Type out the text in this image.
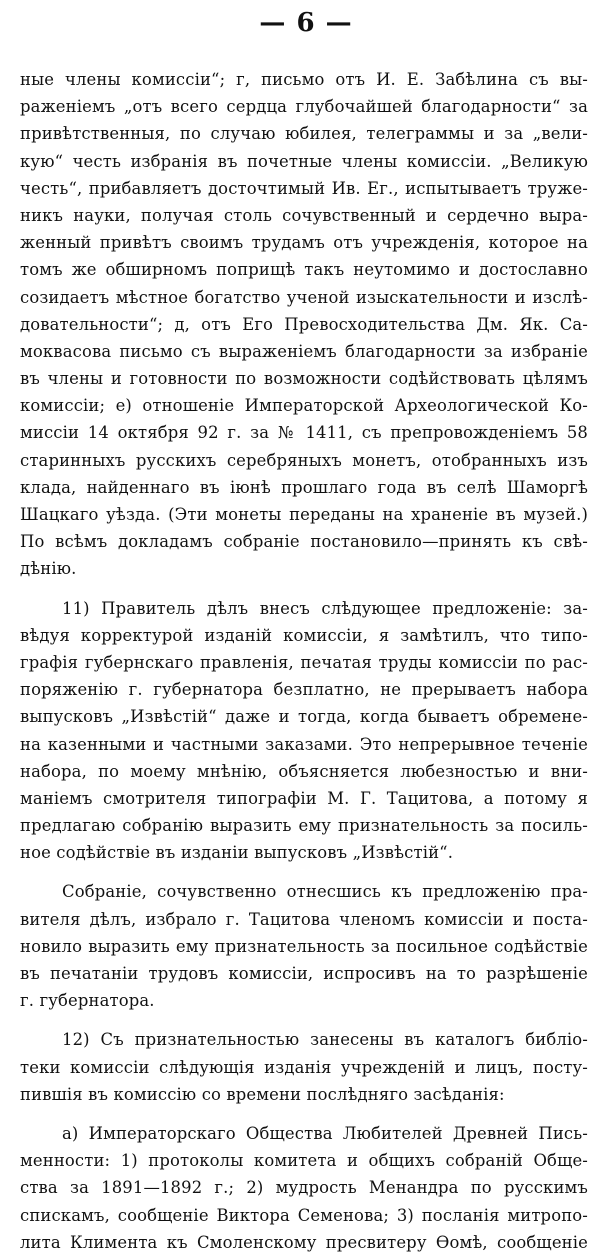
— 6 —
ные члены комиссіи“; г, письмо отъ И. Е. Забѣлина съ вы-
раженіемъ „отъ всего сердца глубочайшей благодарности“ за
привѣтственныя, по случаю юбилея, телеграммы и за „вели-
кую“ честь избранія въ почетные члены комиссіи. „Великую
честь“, прибавляетъ досточтимый Ив. Ег., испытываетъ труже-
никъ науки, получая столь сочувственный и сердечно выра-
женный привѣтъ своимъ трудамъ отъ учрежденія, которое на
томъ же обширномъ поприщѣ такъ неутомимо и достославно
созидаетъ мѣстное богатство ученой изыскательности и изслѣ-
довательности“; д, отъ Его Превосходительства Дм. Як. Са-
моквасова письмо съ выраженіемъ благодарности за избраніе
въ члены и готовности по возможности содѣйствовать цѣлямъ
комиссіи; е) отношеніе Императорской Археологической Ко-
миссіи 14 октября 92 г. за № 1411, съ препровожденіемъ 58
старинныхъ русскихъ серебряныхъ монетъ, отобранныхъ изъ
клада, найденнаго въ іюнѣ прошлаго года въ селѣ Шаморгѣ
Шацкаго уѣзда. (Эти монеты переданы на храненіе въ музей.)
По всѣмъ докладамъ собраніе постановило—принять къ свѣ-
дѣнію.
11) Правитель дѣлъ внесъ слѣдующее предложеніе: за-
вѣдуя корректурой изданій комиссіи, я замѣтилъ, что типо-
графія губернскаго правленія, печатая труды комиссіи по рас-
поряженію г. губернатора безплатно, не прерываетъ набора
выпусковъ „Извѣстій“ даже и тогда, когда бываетъ обремене-
на казенными и частными заказами. Это непрерывное теченіе
набора, по моему мнѣнію, объясняется любезностью и вни-
маніемъ смотрителя типографіи М. Г. Тацитова, а потому я
предлагаю собранію выразить ему признательность за посиль-
ное содѣйствіе въ изданіи выпусковъ „Извѣстій“.
Собраніе, сочувственно отнесшись къ предложенію пра-
вителя дѣлъ, избрало г. Тацитова членомъ комиссіи и поста-
новило выразить ему признательность за посильное содѣйствіе
въ печатаніи трудовъ комиссіи, испросивъ на то разрѣшеніе
г. губернатора.
12) Съ признательностью занесены въ каталогъ библіо-
теки комиссіи слѣдующія изданія учрежденій и лицъ, посту-
пившія въ комиссію со времени послѣдняго засѣданія:
а) Императорскаго Общества Любителей Древней Пись-
менности: 1) протоколы комитета и общихъ собраній Обще-
ства за 1891—1892 г.; 2) мудрость Менандра по русскимъ
спискамъ, сообщеніе Виктора Семенова; 3) посланія митропо-
лита Климента къ Смоленскому пресвитеру Ѳомѣ, сообщеніе
